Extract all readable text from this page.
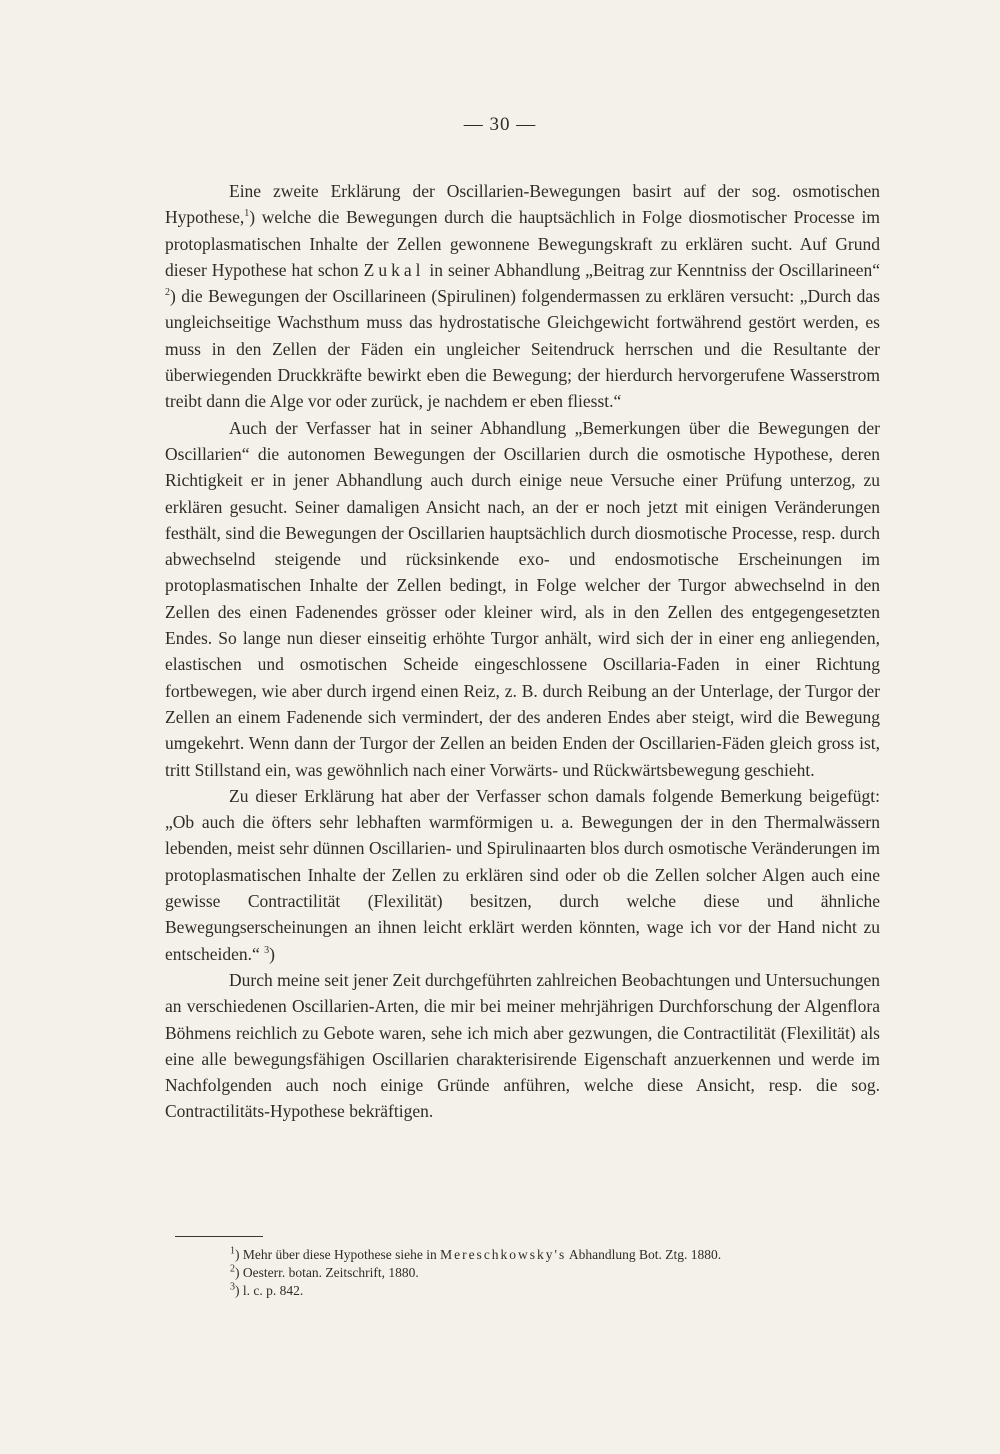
— 30 —

Eine zweite Erklärung der Oscillarien-Bewegungen basirt auf der sog. osmotischen Hypothese,$^1$) welche die Bewegungen durch die hauptsächlich in Folge diosmotischer Processe im protoplasmatischen Inhalte der Zellen gewonnene Bewegungskraft zu erklären sucht. Auf Grund dieser Hypothese hat schon Zukal in seiner Abhandlung „Beitrag zur Kenntniss der Oscillarineen“ $^2$) die Bewegungen der Oscillarineen (Spirulinen) folgendermassen zu erklären versucht: „Durch das ungleichseitige Wachsthum muss das hydrostatische Gleichgewicht fortwährend gestört werden, es muss in den Zellen der Fäden ein ungleicher Seitendruck herrschen und die Resultante der überwiegenden Druckkräfte bewirkt eben die Bewegung; der hierdurch hervorgerufene Wasserstrom treibt dann die Alge vor oder zurück, je nachdem er eben fliesst.“

Auch der Verfasser hat in seiner Abhandlung „Bemerkungen über die Bewegungen der Oscillarien“ die autonomen Bewegungen der Oscillarien durch die osmotische Hypothese, deren Richtigkeit er in jener Abhandlung auch durch einige neue Versuche einer Prüfung unterzog, zu erklären gesucht. Seiner damaligen Ansicht nach, an der er noch jetzt mit einigen Veränderungen festhält, sind die Bewegungen der Oscillarien hauptsächlich durch diosmotische Processe, resp. durch abwechselnd steigende und rücksinkende exo- und endosmotische Erscheinungen im protoplasmatischen Inhalte der Zellen bedingt, in Folge welcher der Turgor abwechselnd in den Zellen des einen Fadenendes grösser oder kleiner wird, als in den Zellen des entgegengesetzten Endes. So lange nun dieser einseitig erhöhte Turgor anhält, wird sich der in einer eng anliegenden, elastischen und osmotischen Scheide eingeschlossene Oscillaria-Faden in einer Richtung fortbewegen, wie aber durch irgend einen Reiz, z. B. durch Reibung an der Unterlage, der Turgor der Zellen an einem Fadenende sich vermindert, der des anderen Endes aber steigt, wird die Bewegung umgekehrt. Wenn dann der Turgor der Zellen an beiden Enden der Oscillarien-Fäden gleich gross ist, tritt Stillstand ein, was gewöhnlich nach einer Vorwärts- und Rückwärtsbewegung geschieht.

Zu dieser Erklärung hat aber der Verfasser schon damals folgende Bemerkung beigefügt: „Ob auch die öfters sehr lebhaften warmförmigen u. a. Bewegungen der in den Thermalwässern lebenden, meist sehr dünnen Oscillarien- und Spirulinaarten blos durch osmotische Veränderungen im protoplasmatischen Inhalte der Zellen zu erklären sind oder ob die Zellen solcher Algen auch eine gewisse Contractilität (Flexilität) besitzen, durch welche diese und ähnliche Bewegungserscheinungen an ihnen leicht erklärt werden könnten, wage ich vor der Hand nicht zu entscheiden.“ $^3$)

Durch meine seit jener Zeit durchgeführten zahlreichen Beobachtungen und Untersuchungen an verschiedenen Oscillarien-Arten, die mir bei meiner mehrjährigen Durchforschung der Algenflora Böhmens reichlich zu Gebote waren, sehe ich mich aber gezwungen, die Contractilität (Flexilität) als eine alle bewegungsfähigen Oscillarien charakterisirende Eigenschaft anzuerkennen und werde im Nachfolgenden auch noch einige Gründe anführen, welche diese Ansicht, resp. die sog. Contractilitäts-Hypothese bekräftigen.

$^1$) Mehr über diese Hypothese siehe in Mereschkowsky's Abhandlung Bot. Ztg. 1880.
$^2$) Oesterr. botan. Zeitschrift, 1880.
$^3$) l. c. p. 842.
